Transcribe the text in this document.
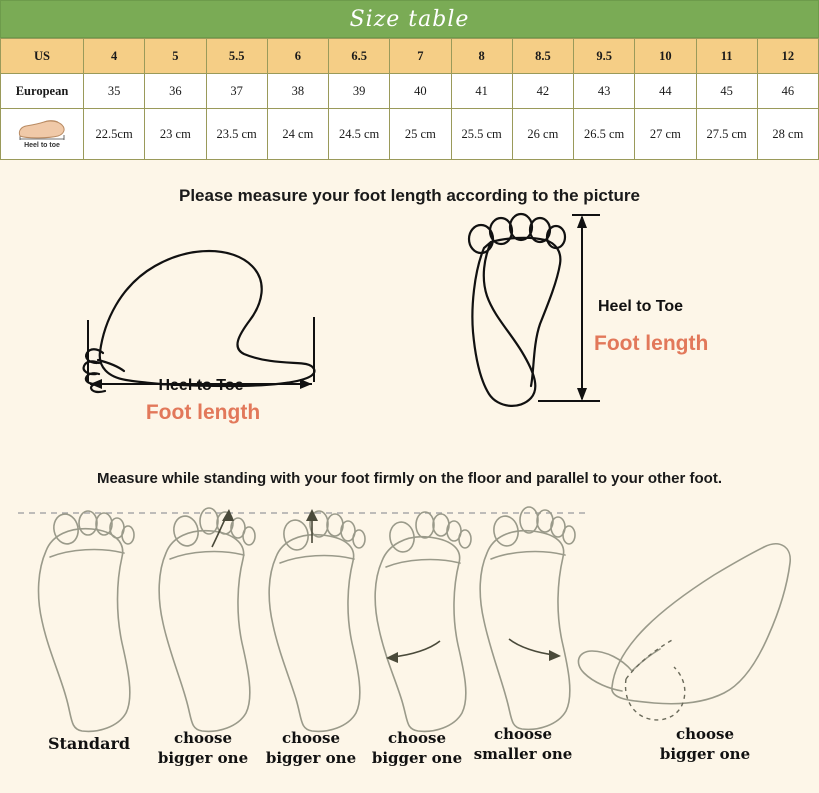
Size table
US	4	5	5.5	6	6.5	7	8	8.5	9.5	10	11	12
European	35	36	37	38	39	40	41	42	43	44	45	46

Heel to toe	22.5cm	23 cm	23.5 cm	24 cm	24.5 cm	25 cm	25.5 cm	26 cm	26.5 cm	27 cm	27.5 cm	28 cm
Please measure your foot length according to the picture
Heel to Toe
Foot length
Heel to Toe
Foot length
Measure while standing with your foot firmly on the floor and parallel to your other foot.
Standard	choose
bigger one
choose
bigger one
choose
bigger one
choose
smaller one
choose
bigger one
